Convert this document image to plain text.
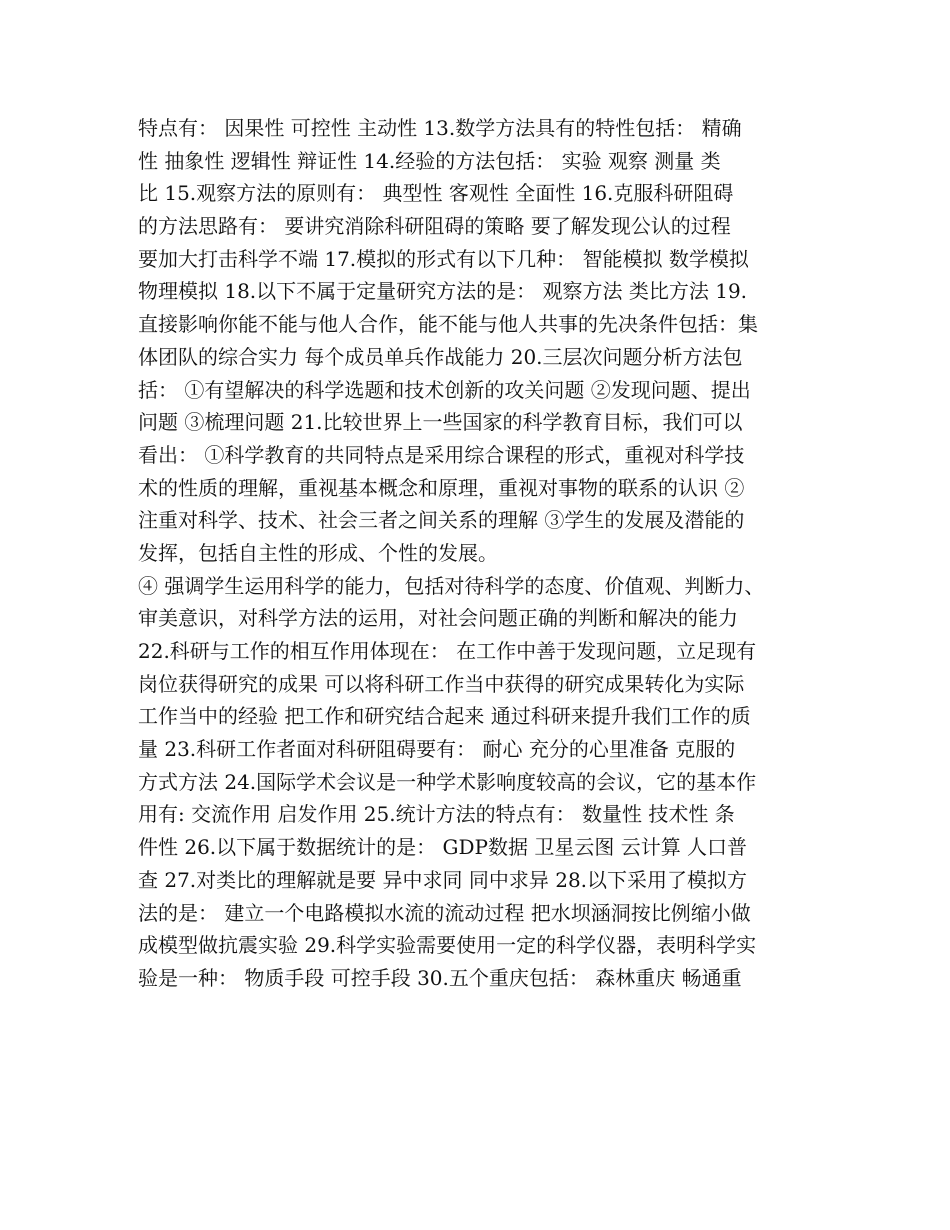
特点有： 因果性 可控性 主动性 13.数学方法具有的特性包括： 精确
性 抽象性 逻辑性 辩证性 14.经验的方法包括： 实验 观察 测量 类
比 15.观察方法的原则有： 典型性 客观性 全面性 16.克服科研阻碍
的方法思路有： 要讲究消除科研阻碍的策略 要了解发现公认的过程
要加大打击科学不端 17.模拟的形式有以下几种： 智能模拟 数学模拟
物理模拟 18.以下不属于定量研究方法的是： 观察方法 类比方法 19.
直接影响你能不能与他人合作，能不能与他人共事的先决条件包括：集
体团队的综合实力 每个成员单兵作战能力 20.三层次问题分析方法包
括： ①有望解决的科学选题和技术创新的攻关问题 ②发现问题、提出
问题 ③梳理问题 21.比较世界上一些国家的科学教育目标，我们可以
看出： ①科学教育的共同特点是采用综合课程的形式，重视对科学技
术的性质的理解，重视基本概念和原理，重视对事物的联系的认识 ②
注重对科学、技术、社会三者之间关系的理解 ③学生的发展及潜能的
发挥，包括自主性的形成、个性的发展。
④ 强调学生运用科学的能力，包括对待科学的态度、价值观、判断力、
审美意识，对科学方法的运用，对社会问题正确的判断和解决的能力
22.科研与工作的相互作用体现在： 在工作中善于发现问题，立足现有
岗位获得研究的成果 可以将科研工作当中获得的研究成果转化为实际
工作当中的经验 把工作和研究结合起来 通过科研来提升我们工作的质
量 23.科研工作者面对科研阻碍要有： 耐心 充分的心里准备 克服的
方式方法 24.国际学术会议是一种学术影响度较高的会议，它的基本作
用有: 交流作用 启发作用 25.统计方法的特点有： 数量性 技术性 条
件性 26.以下属于数据统计的是： GDP数据 卫星云图 云计算 人口普
查 27.对类比的理解就是要 异中求同 同中求异 28.以下采用了模拟方
法的是： 建立一个电路模拟水流的流动过程 把水坝涵洞按比例缩小做
成模型做抗震实验 29.科学实验需要使用一定的科学仪器，表明科学实
验是一种： 物质手段 可控手段 30.五个重庆包括： 森林重庆 畅通重
